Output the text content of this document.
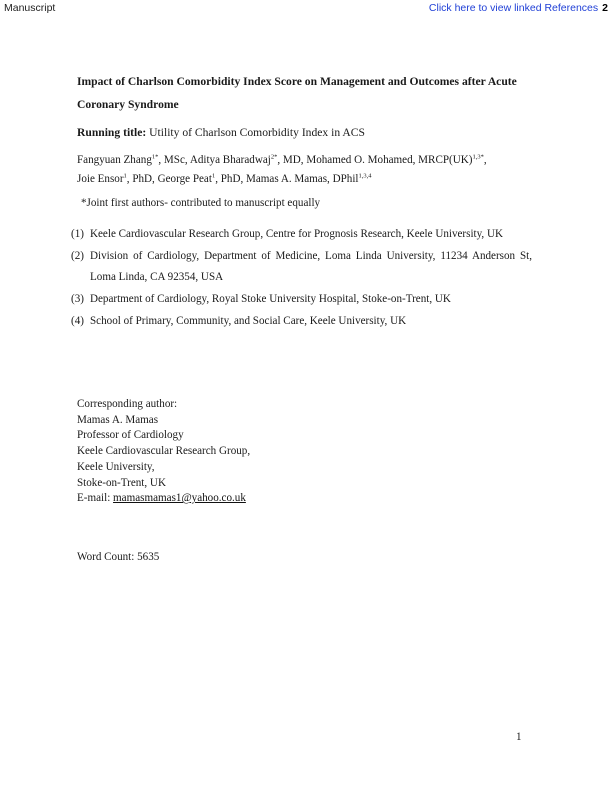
Manuscript	Click here to view linked References 2
Impact of Charlson Comorbidity Index Score on Management and Outcomes after Acute Coronary Syndrome
Running title: Utility of Charlson Comorbidity Index in ACS
Fangyuan Zhang$^{1*}$, MSc, Aditya Bharadwaj$^{2*}$, MD, Mohamed O. Mohamed, MRCP(UK)$^{1,3*}$,
Joie Ensor$^1$, PhD, George Peat$^1$, PhD, Mamas A. Mamas, DPhil$^{1,3,4}$
*Joint first authors- contributed to manuscript equally
(1) Keele Cardiovascular Research Group, Centre for Prognosis Research, Keele University, UK
(2) Division of Cardiology, Department of Medicine, Loma Linda University, 11234 Anderson St, Loma Linda, CA 92354, USA
(3) Department of Cardiology, Royal Stoke University Hospital, Stoke-on-Trent, UK
(4) School of Primary, Community, and Social Care, Keele University, UK
Corresponding author:
Mamas A. Mamas
Professor of Cardiology
Keele Cardiovascular Research Group,
Keele University,
Stoke-on-Trent, UK
E-mail: mamasmamas1@yahoo.co.uk
Word Count: 5635
1
